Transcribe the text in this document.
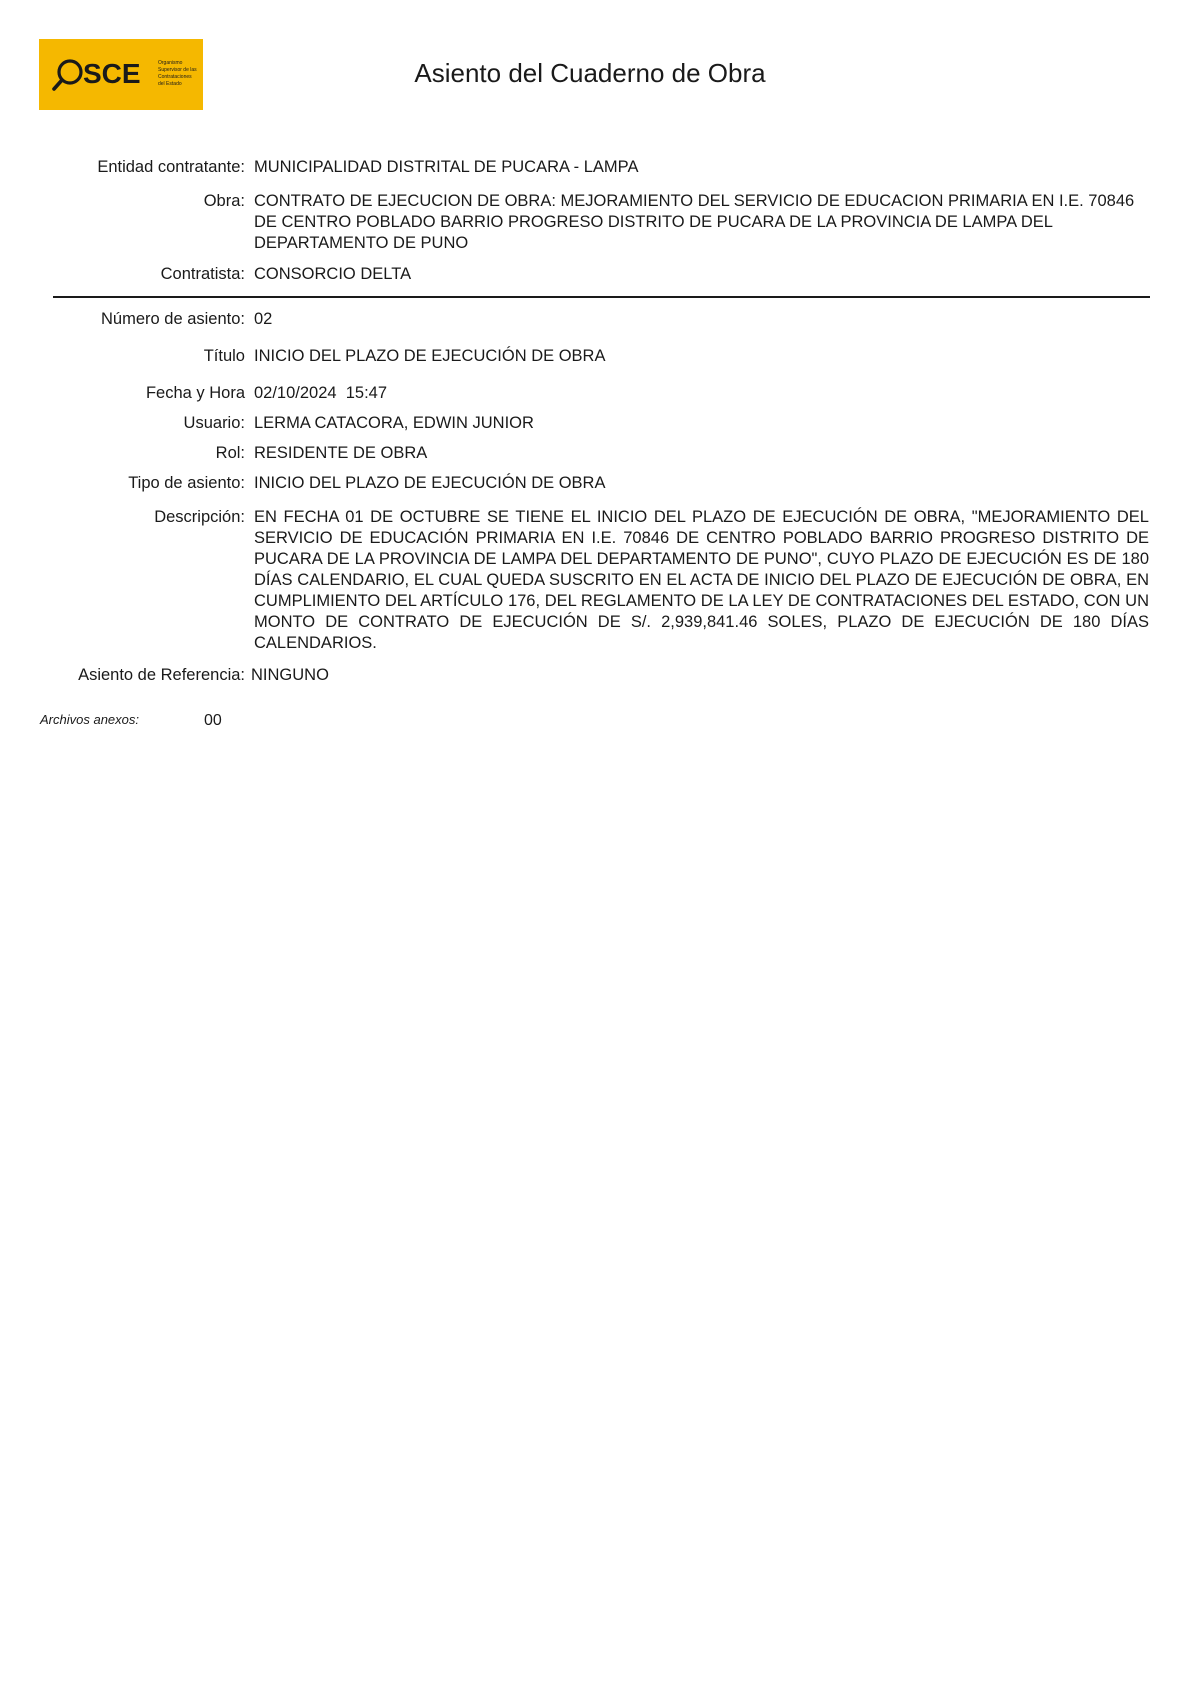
SCE	Organismo
Supervisor de las
Contrataciones
del Estado	Asiento del Cuaderno de Obra
Entidad contratante: MUNICIPALIDAD DISTRITAL DE PUCARA - LAMPA
Obra: CONTRATO DE EJECUCION DE OBRA: MEJORAMIENTO DEL SERVICIO DE EDUCACION PRIMARIA EN I.E. 70846 DE CENTRO POBLADO BARRIO PROGRESO DISTRITO DE PUCARA DE LA PROVINCIA DE LAMPA DEL DEPARTAMENTO DE PUNO
Contratista: CONSORCIO DELTA
Número de asiento: 02
Título INICIO DEL PLAZO DE EJECUCIÓN DE OBRA
Fecha y Hora 02/10/2024  15:47
Usuario: LERMA CATACORA, EDWIN JUNIOR
Rol: RESIDENTE DE OBRA
Tipo de asiento: INICIO DEL PLAZO DE EJECUCIÓN DE OBRA
Descripción: EN FECHA 01 DE OCTUBRE SE TIENE EL INICIO DEL PLAZO DE EJECUCIÓN DE OBRA, "MEJORAMIENTO DEL SERVICIO DE EDUCACIÓN PRIMARIA EN I.E. 70846 DE CENTRO POBLADO BARRIO PROGRESO DISTRITO DE PUCARA DE LA PROVINCIA DE LAMPA DEL DEPARTAMENTO DE PUNO", CUYO PLAZO DE EJECUCIÓN ES DE 180 DÍAS CALENDARIO, EL CUAL QUEDA SUSCRITO EN EL ACTA DE INICIO DEL PLAZO DE EJECUCIÓN DE OBRA, EN CUMPLIMIENTO DEL ARTÍCULO 176, DEL REGLAMENTO DE LA LEY DE CONTRATACIONES DEL ESTADO, CON UN MONTO DE CONTRATO DE EJECUCIÓN DE S/. 2,939,841.46 SOLES, PLAZO DE EJECUCIÓN DE 180 DÍAS CALENDARIOS.
Asiento de Referencia: NINGUNO
Archivos anexos:	00
